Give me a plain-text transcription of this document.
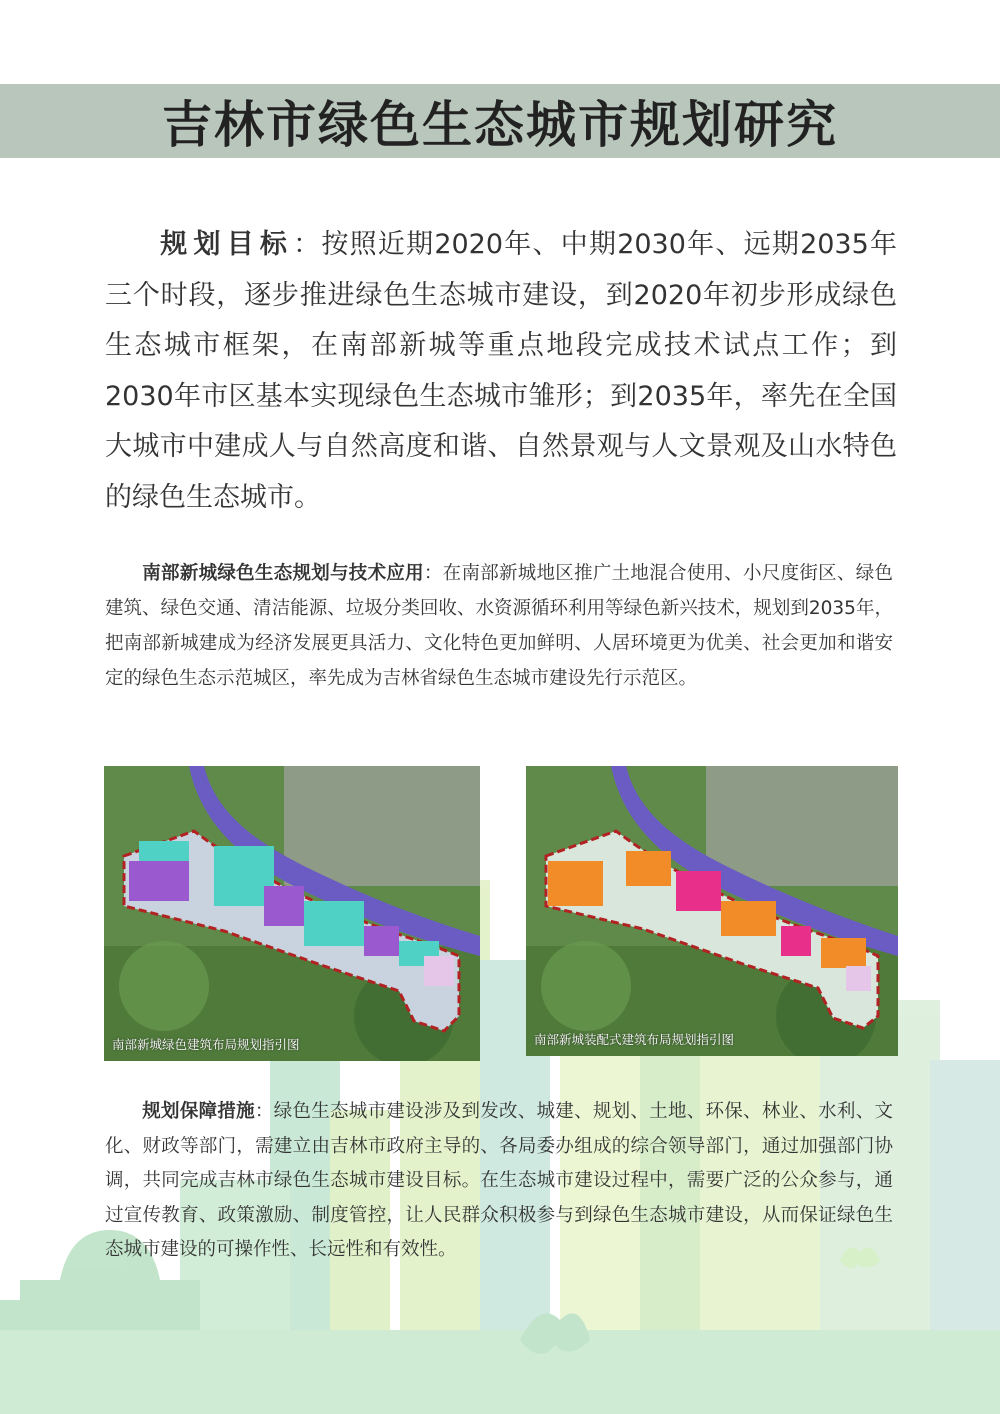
吉林市绿色生态城市规划研究
规划目标：按照近期2020年、中期2030年、远期2035年三个时段，逐步推进绿色生态城市建设，到2020年初步形成绿色生态城市框架，在南部新城等重点地段完成技术试点工作；到2030年市区基本实现绿色生态城市雏形；到2035年，率先在全国大城市中建成人与自然高度和谐、自然景观与人文景观及山水特色的绿色生态城市。
南部新城绿色生态规划与技术应用：在南部新城地区推广土地混合使用、小尺度街区、绿色建筑、绿色交通、清洁能源、垃圾分类回收、水资源循环利用等绿色新兴技术，规划到2035年，把南部新城建成为经济发展更具活力、文化特色更加鲜明、人居环境更为优美、社会更加和谐安定的绿色生态示范城区，率先成为吉林省绿色生态城市建设先行示范区。
南部新城绿色建筑布局规划指引图	南部新城装配式建筑布局规划指引图
规划保障措施：绿色生态城市建设涉及到发改、城建、规划、土地、环保、林业、水利、文化、财政等部门，需建立由吉林市政府主导的、各局委办组成的综合领导部门，通过加强部门协调，共同完成吉林市绿色生态城市建设目标。在生态城市建设过程中，需要广泛的公众参与，通过宣传教育、政策激励、制度管控，让人民群众积极参与到绿色生态城市建设，从而保证绿色生态城市建设的可操作性、长远性和有效性。
